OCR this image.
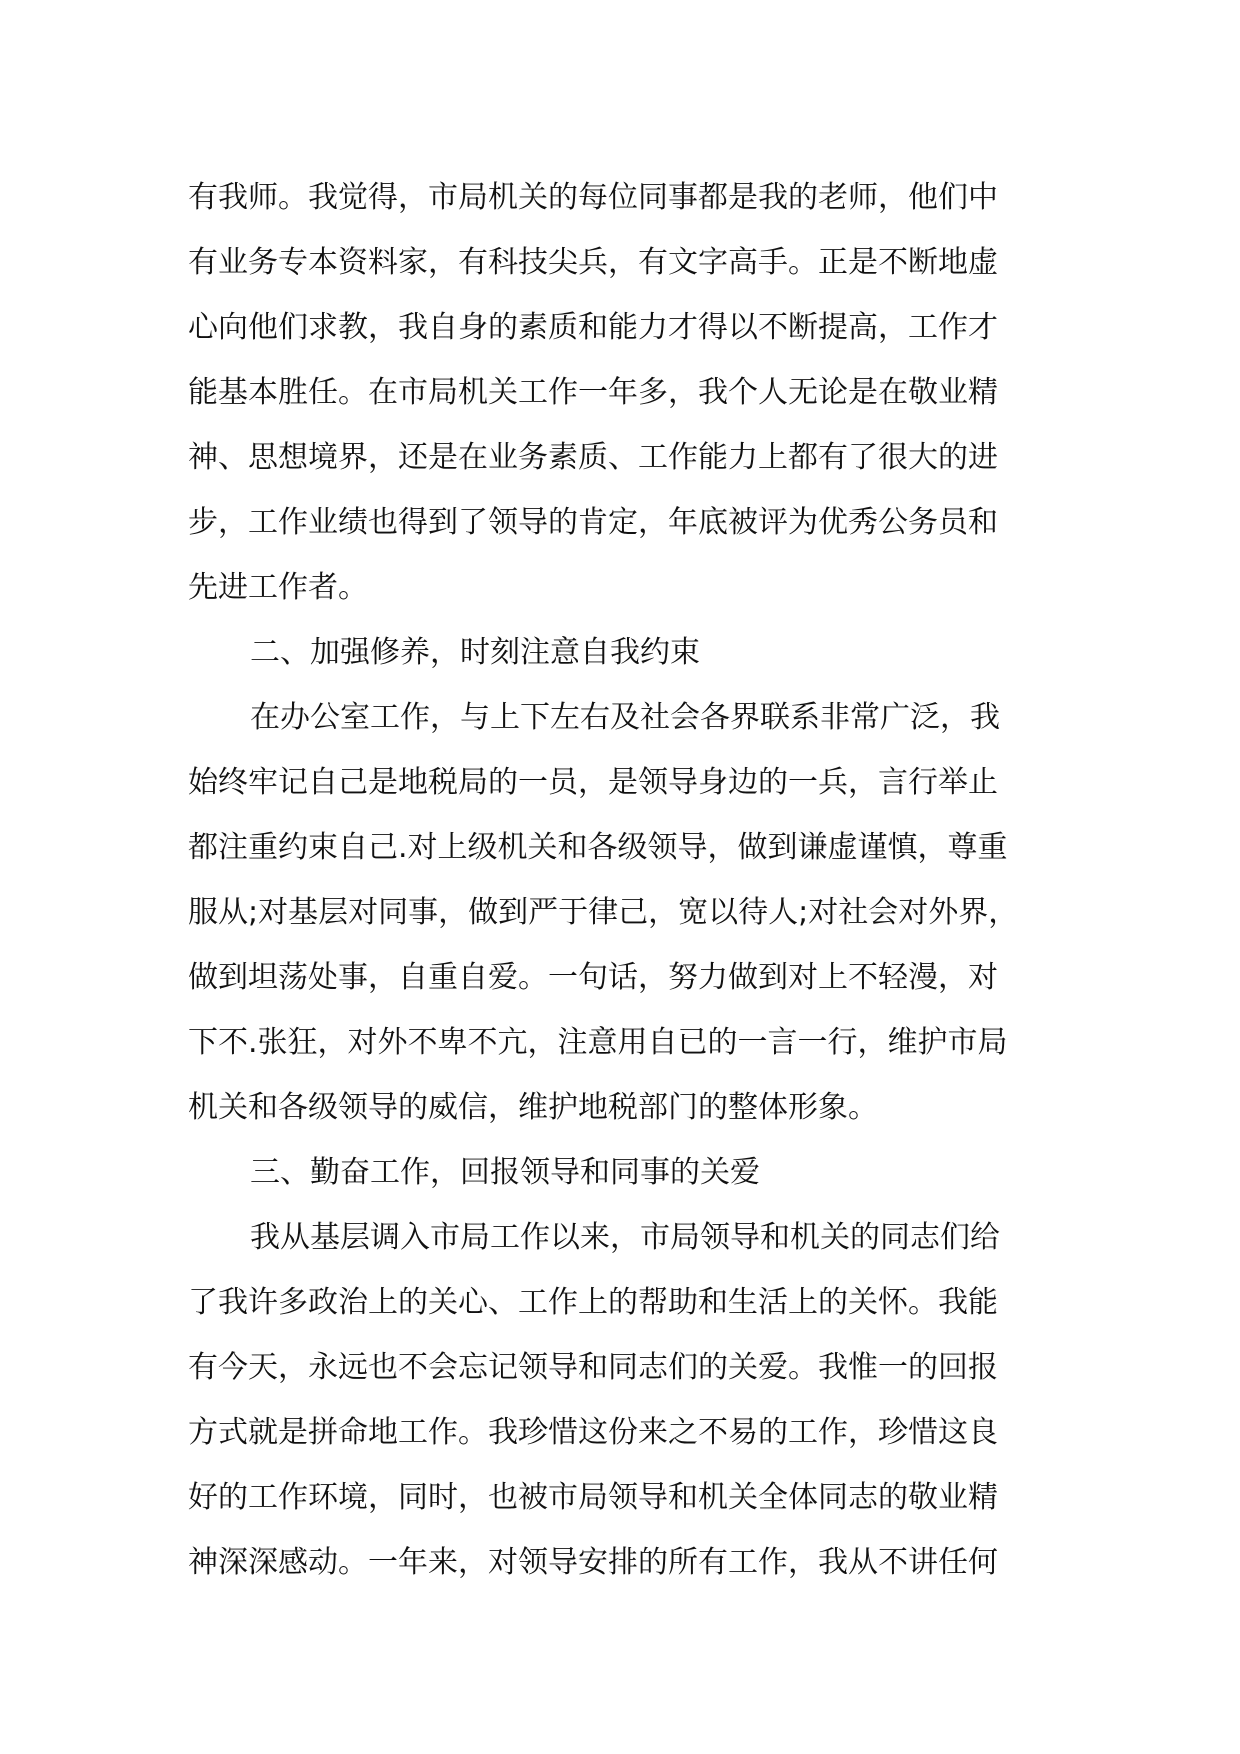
有我师。我觉得，市局机关的每位同事都是我的老师，他们中
有业务专本资料家，有科技尖兵，有文字高手。正是不断地虚
心向他们求教，我自身的素质和能力才得以不断提高，工作才
能基本胜任。在市局机关工作一年多，我个人无论是在敬业精
神、思想境界，还是在业务素质、工作能力上都有了很大的进
步，工作业绩也得到了领导的肯定，年底被评为优秀公务员和
先进工作者。

二、加强修养，时刻注意自我约束

在办公室工作，与上下左右及社会各界联系非常广泛，我
始终牢记自己是地税局的一员，是领导身边的一兵，言行举止
都注重约束自己.对上级机关和各级领导，做到谦虚谨慎，尊重
服从;对基层对同事，做到严于律己，宽以待人;对社会对外界，
做到坦荡处事，自重自爱。一句话，努力做到对上不轻漫，对
下不.张狂，对外不卑不亢，注意用自已的一言一行，维护市局
机关和各级领导的威信，维护地税部门的整体形象。

三、勤奋工作，回报领导和同事的关爱

我从基层调入市局工作以来，市局领导和机关的同志们给
了我许多政治上的关心、工作上的帮助和生活上的关怀。我能
有今天，永远也不会忘记领导和同志们的关爱。我惟一的回报
方式就是拼命地工作。我珍惜这份来之不易的工作，珍惜这良
好的工作环境，同时，也被市局领导和机关全体同志的敬业精
神深深感动。一年来，对领导安排的所有工作，我从不讲任何
